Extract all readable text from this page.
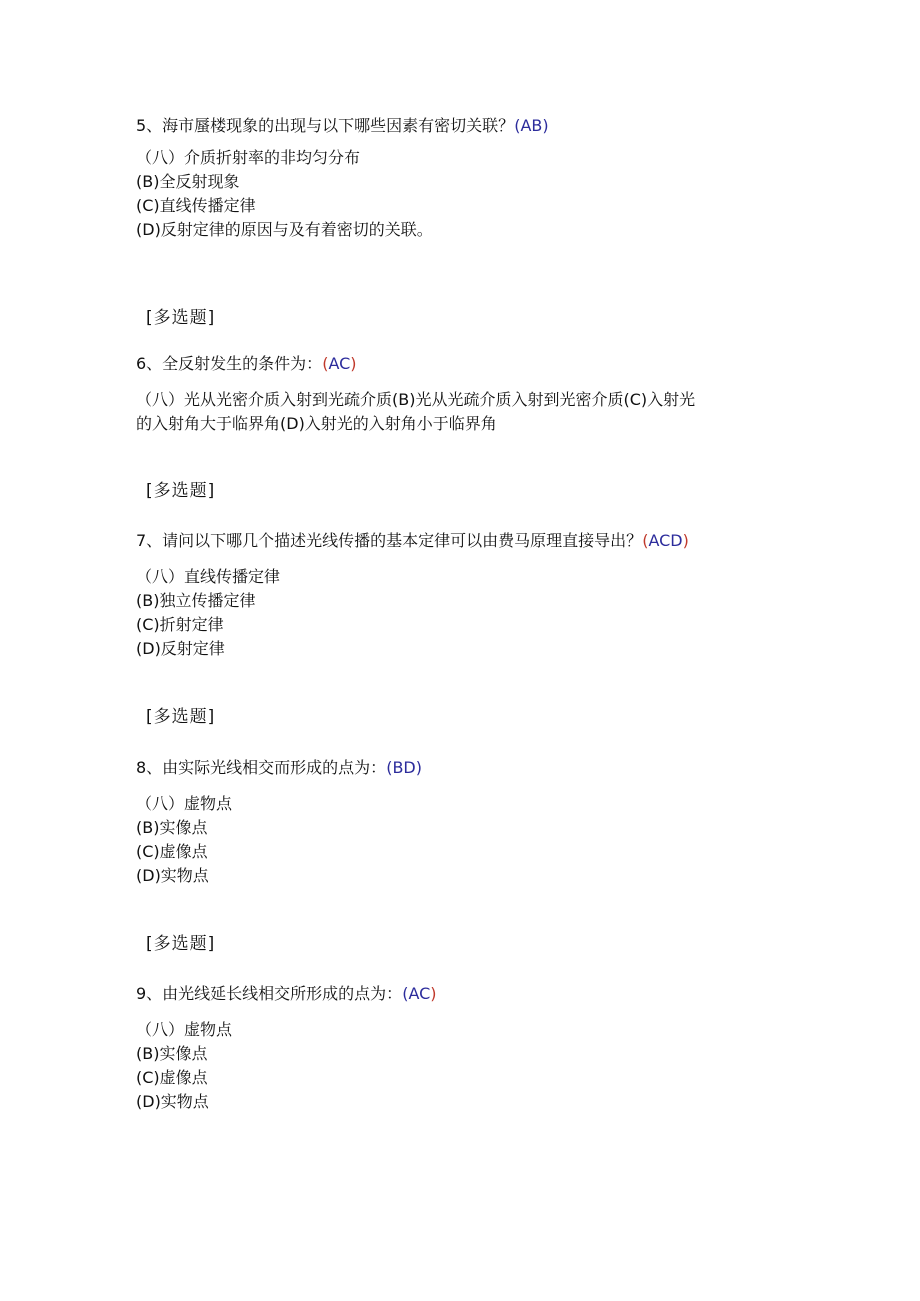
5、海市蜃楼现象的出现与以下哪些因素有密切关联？(AB)
（八）介质折射率的非均匀分布
(B)全反射现象
(C)直线传播定律
(D)反射定律的原因与及有着密切的关联。
[多选题]
6、全反射发生的条件为：(AC)
（八）光从光密介质入射到光疏介质(B)光从光疏介质入射到光密介质(C)入射光
的入射角大于临界角(D)入射光的入射角小于临界角
[多选题]
7、请问以下哪几个描述光线传播的基本定律可以由费马原理直接导出？(ACD)
（八）直线传播定律
(B)独立传播定律
(C)折射定律
(D)反射定律
[多选题]
8、由实际光线相交而形成的点为：(BD)
（八）虚物点
(B)实像点
(C)虚像点
(D)实物点
[多选题]
9、由光线延长线相交所形成的点为：(AC)
（八）虚物点
(B)实像点
(C)虚像点
(D)实物点
